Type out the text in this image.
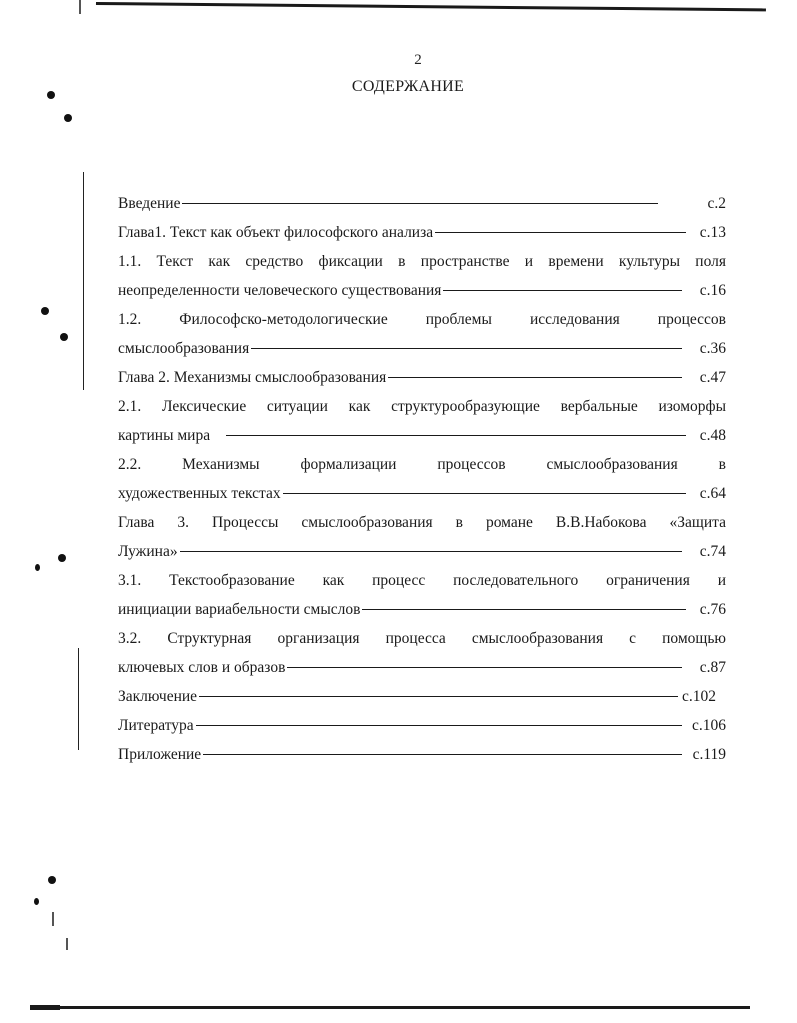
2
СОДЕРЖАНИЕ
Введение	с.2
Глава1. Текст как объект философского анализа	с.13
1.1. Текст как средство фиксации в пространстве и времени культуры поля
неопределенности человеческого существования	с.16
1.2. Философско-методологические проблемы исследования процессов
смыслообразования	с.36
Глава 2. Механизмы смыслообразования	с.47
2.1. Лексические ситуации как структурообразующие вербальные изоморфы
картины мира	с.48
2.2. Механизмы формализации процессов смыслообразования в
художественных текстах	с.64
Глава 3. Процессы смыслообразования в романе В.В.Набокова «Защита
Лужина»	с.74
3.1. Текстообразование как процесс последовательного ограничения и
инициации вариабельности смыслов	с.76
3.2. Структурная организация процесса смыслообразования с помощью
ключевых слов и образов	с.87
Заключение	с.102
Литература	с.106
Приложение	с.119
